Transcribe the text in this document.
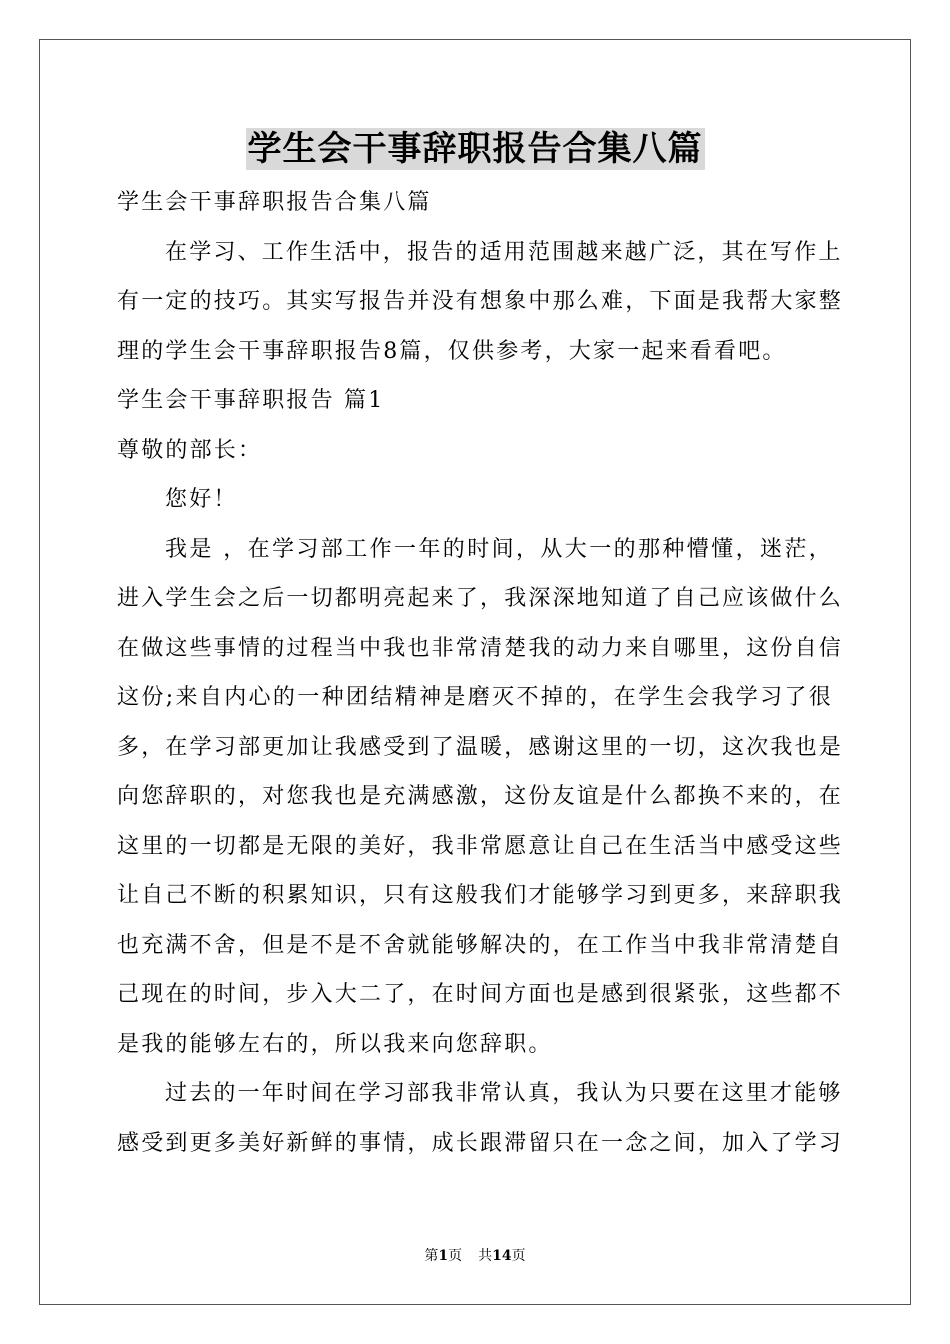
学生会干事辞职报告合集八篇
学生会干事辞职报告合集八篇
在学习、工作生活中，报告的适用范围越来越广泛，其在写作上
有一定的技巧。其实写报告并没有想象中那么难，下面是我帮大家整
理的学生会干事辞职报告8篇，仅供参考，大家一起来看看吧。
学生会干事辞职报告 篇1
尊敬的部长：
您好！
我是 ，在学习部工作一年的时间，从大一的那种懵懂，迷茫，
进入学生会之后一切都明亮起来了，我深深地知道了自己应该做什么
在做这些事情的过程当中我也非常清楚我的动力来自哪里，这份自信
这份;来自内心的一种团结精神是磨灭不掉的，在学生会我学习了很
多，在学习部更加让我感受到了温暖，感谢这里的一切，这次我也是
向您辞职的，对您我也是充满感激，这份友谊是什么都换不来的，在
这里的一切都是无限的美好，我非常愿意让自己在生活当中感受这些
让自己不断的积累知识，只有这般我们才能够学习到更多，来辞职我
也充满不舍，但是不是不舍就能够解决的，在工作当中我非常清楚自
己现在的时间，步入大二了，在时间方面也是感到很紧张，这些都不
是我的能够左右的，所以我来向您辞职。
过去的一年时间在学习部我非常认真，我认为只要在这里才能够
感受到更多美好新鲜的事情，成长跟滞留只在一念之间，加入了学习
第1页 共14页
